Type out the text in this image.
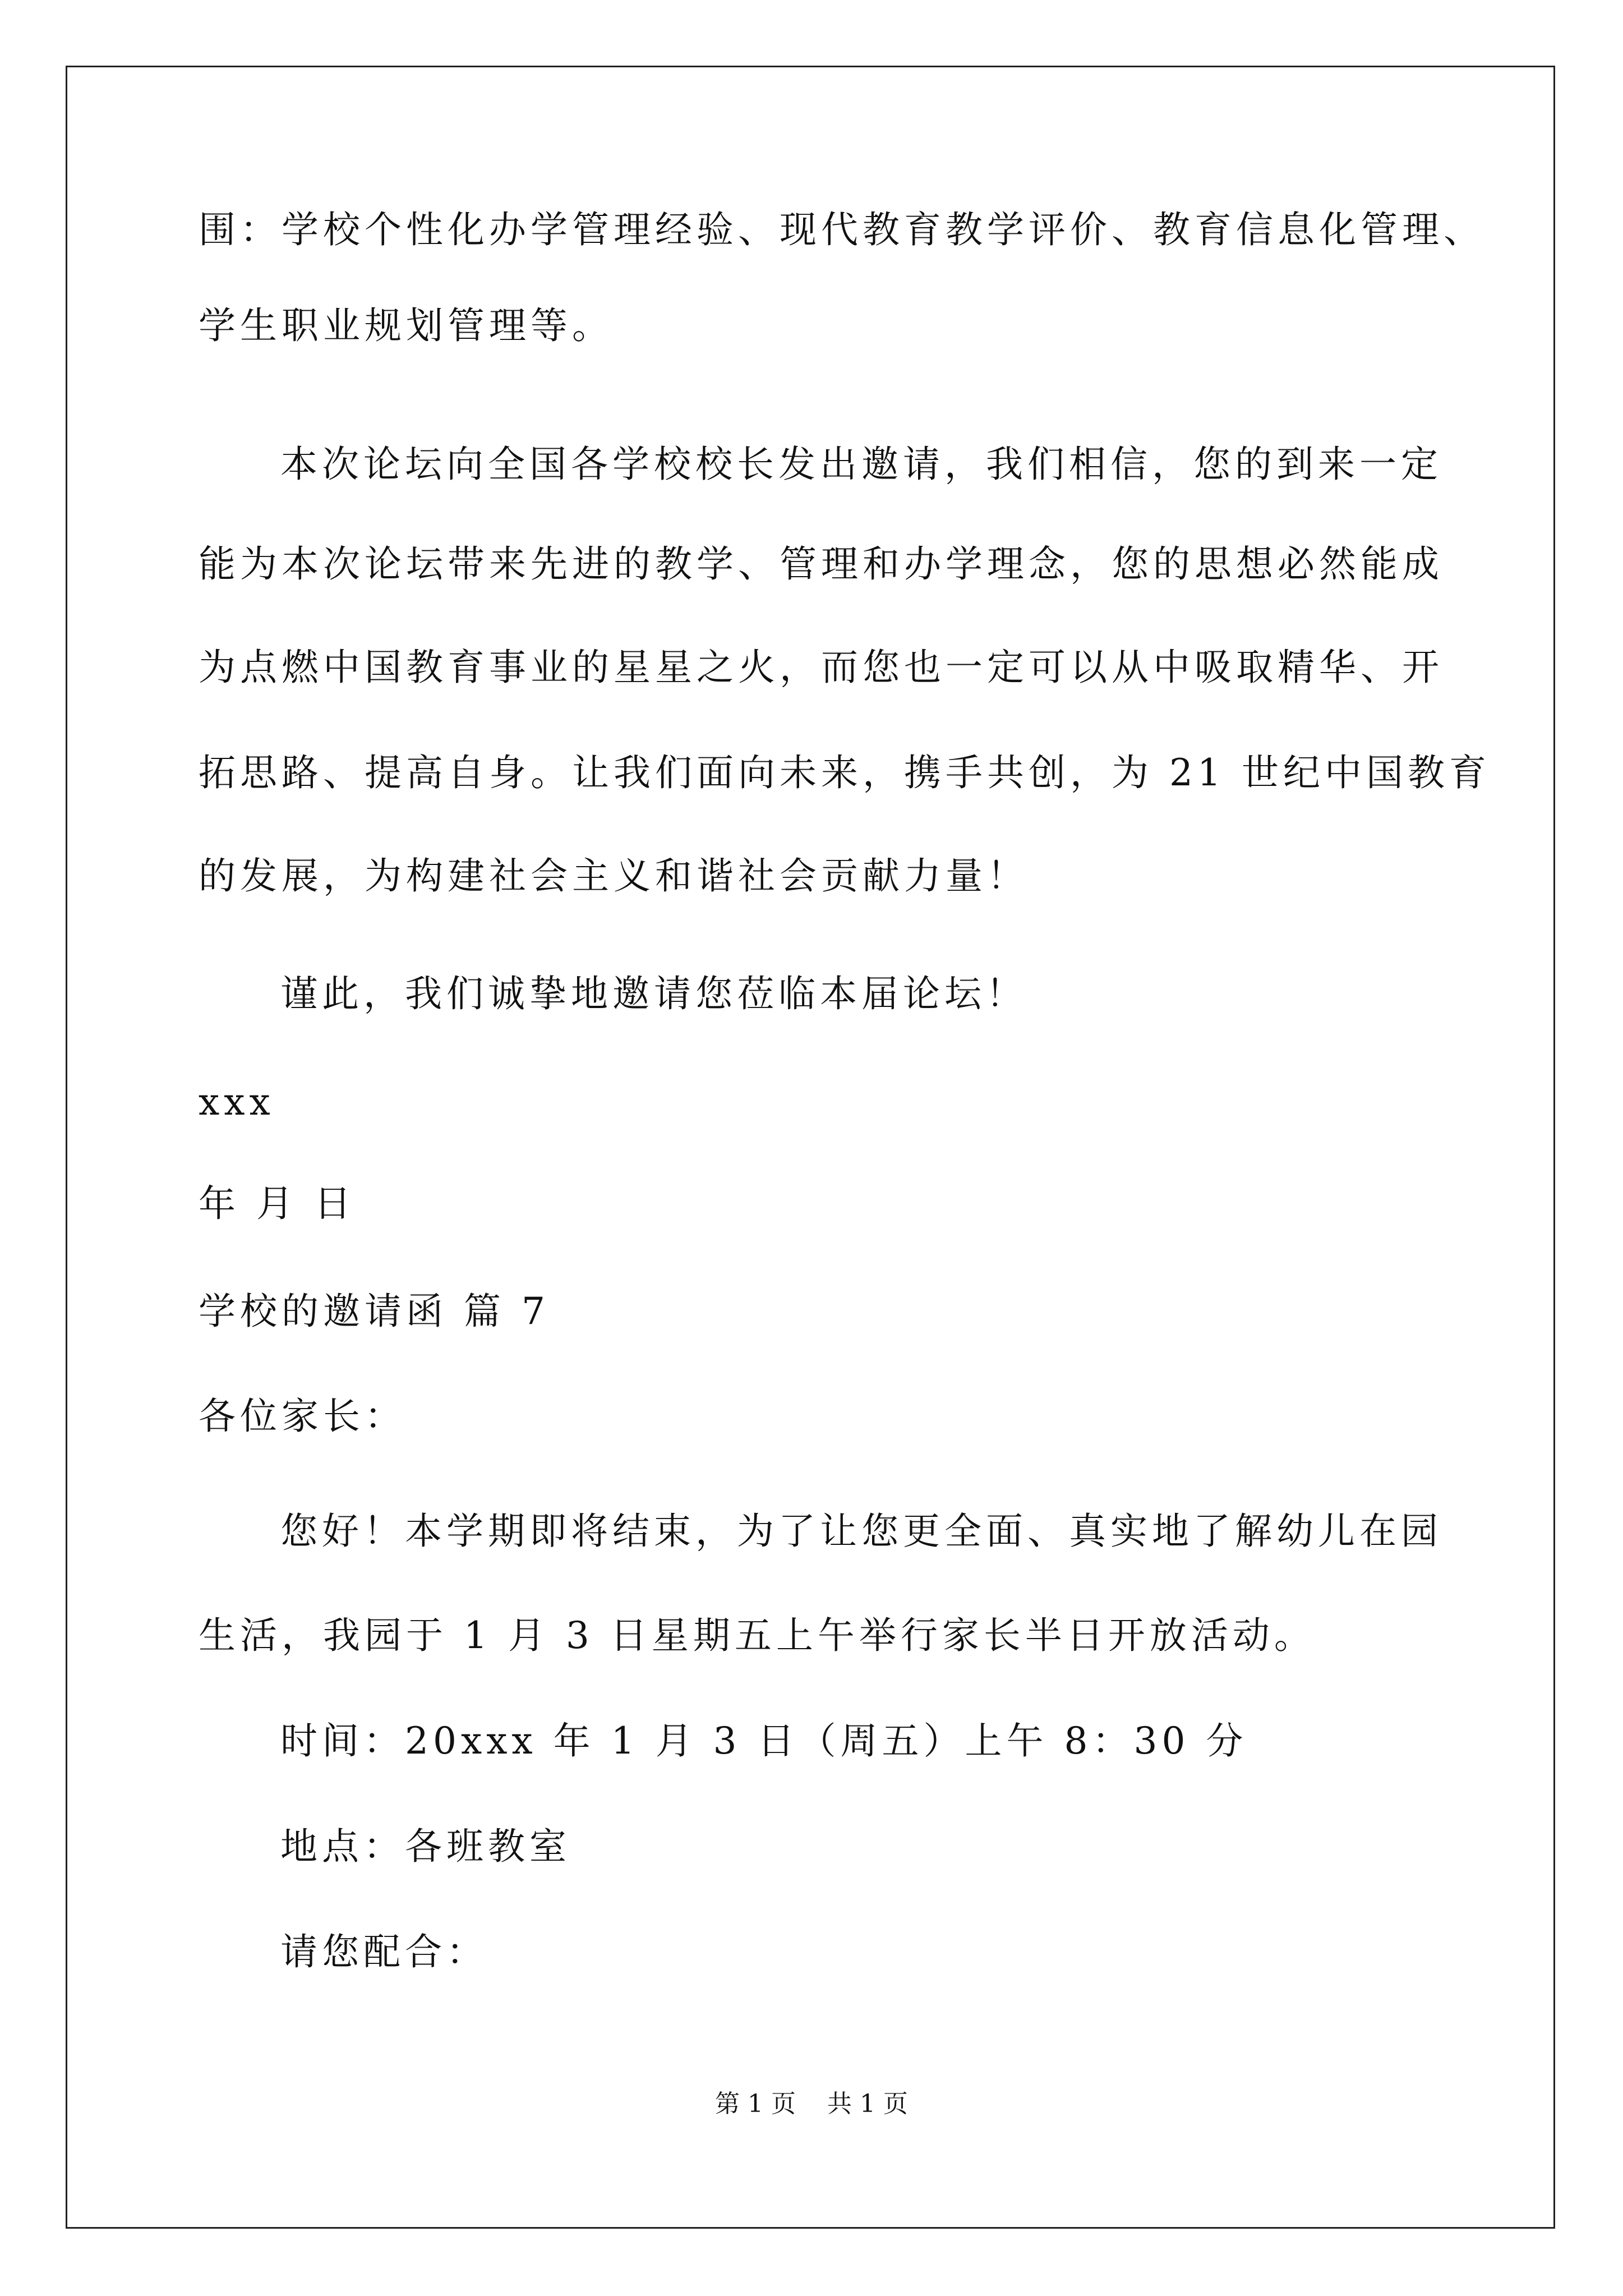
围：学校个性化办学管理经验、现代教育教学评价、教育信息化管理、
学生职业规划管理等。
本次论坛向全国各学校校长发出邀请，我们相信，您的到来一定
能为本次论坛带来先进的教学、管理和办学理念，您的思想必然能成
为点燃中国教育事业的星星之火，而您也一定可以从中吸取精华、开
拓思路、提高自身。让我们面向未来，携手共创，为 21 世纪中国教育
的发展，为构建社会主义和谐社会贡献力量！
谨此，我们诚挚地邀请您莅临本届论坛！
xxx
年 月 日
学校的邀请函 篇 7
各位家长：
您好！本学期即将结束，为了让您更全面、真实地了解幼儿在园
生活，我园于 1 月 3 日星期五上午举行家长半日开放活动。
时间：20xxx 年 1 月 3 日（周五）上午 8：30 分
地点：各班教室
请您配合：
第 1 页    共 1 页
